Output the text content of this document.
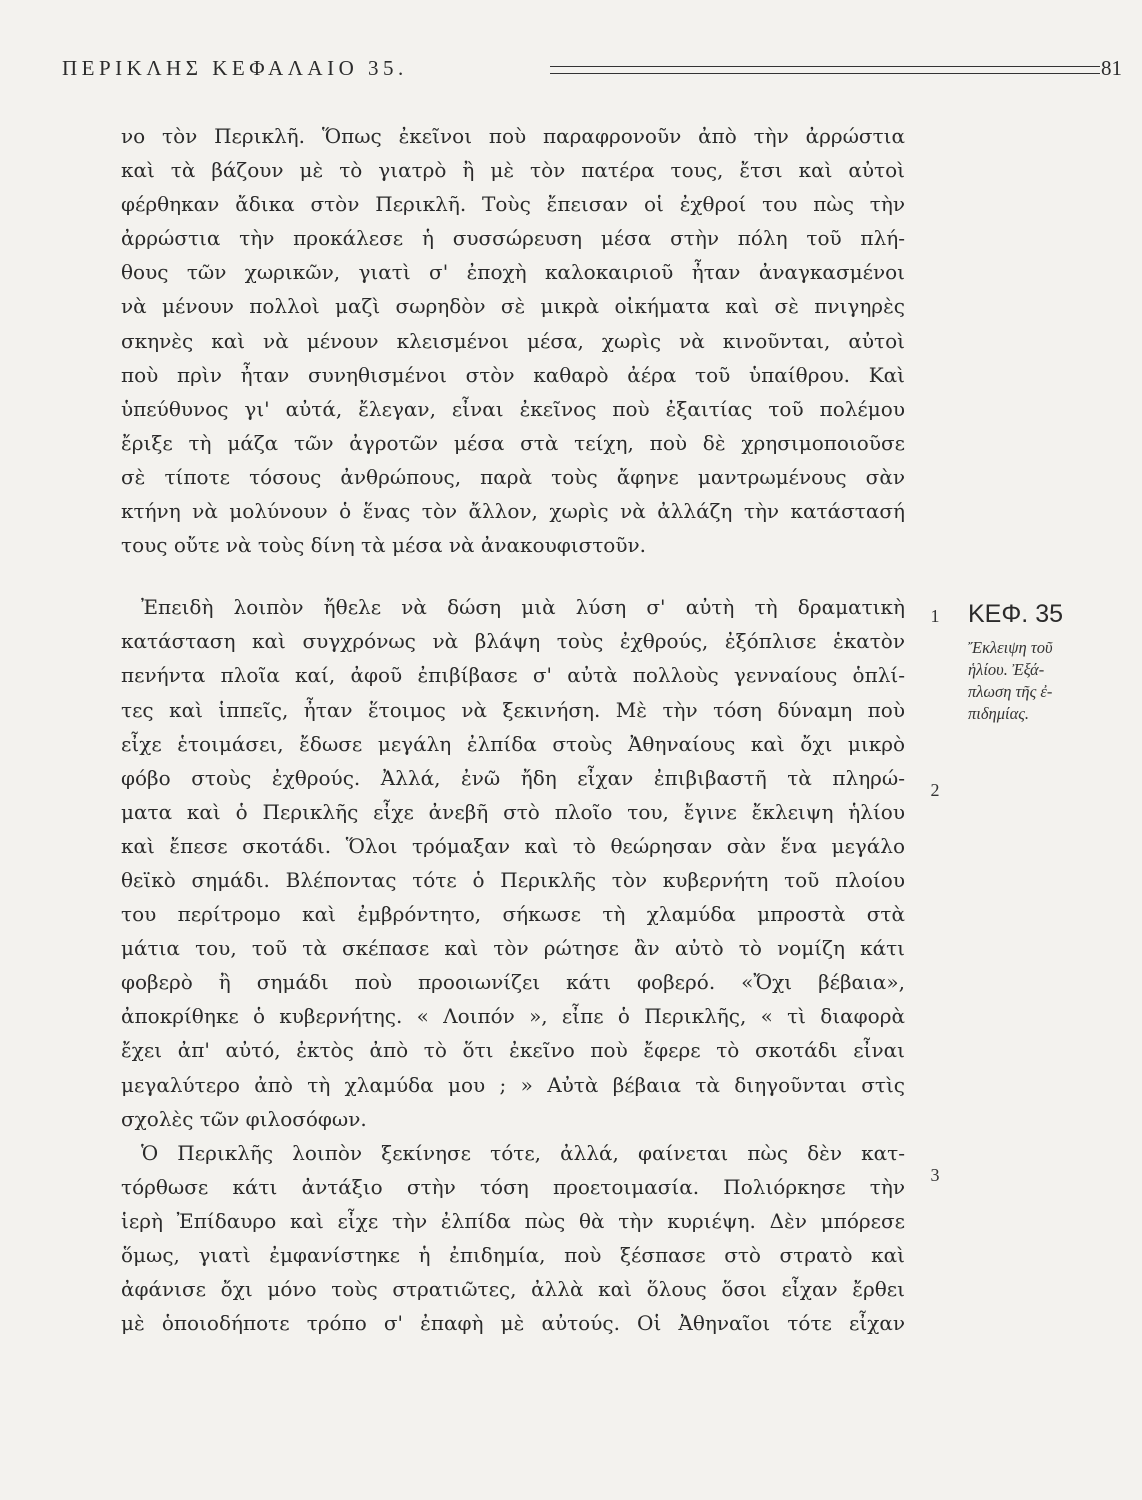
ΠΕΡΙΚΛΗΣ ΚΕΦΑΛΑΙΟ 35.	81
νο τὸν Περικλῆ. Ὅπως ἐκεῖνοι ποὺ παραφρονοῦν ἀπὸ τὴν ἀρρώστια
καὶ τὰ βάζουν μὲ τὸ γιατρὸ ἢ μὲ τὸν πατέρα τους, ἔτσι καὶ αὐτοὶ
φέρθηκαν ἄδικα στὸν Περικλῆ. Τοὺς ἔπεισαν οἱ ἐχθροί του πὼς τὴν
ἀρρώστια τὴν προκάλεσε ἡ συσσώρευση μέσα στὴν πόλη τοῦ πλή-
θους τῶν χωρικῶν, γιατὶ σ' ἐποχὴ καλοκαιριοῦ ἦταν ἀναγκασμένοι
νὰ μένουν πολλοὶ μαζὶ σωρηδὸν σὲ μικρὰ οἰκήματα καὶ σὲ πνιγηρὲς
σκηνὲς καὶ νὰ μένουν κλεισμένοι μέσα, χωρὶς νὰ κινοῦνται, αὐτοὶ
ποὺ πρὶν ἦταν συνηθισμένοι στὸν καθαρὸ ἀέρα τοῦ ὑπαίθρου. Καὶ
ὑπεύθυνος γι' αὐτά, ἔλεγαν, εἶναι ἐκεῖνος ποὺ ἐξαιτίας τοῦ πολέμου
ἔριξε τὴ μάζα τῶν ἀγροτῶν μέσα στὰ τείχη, ποὺ δὲ χρησιμοποιοῦσε
σὲ τίποτε τόσους ἀνθρώπους, παρὰ τοὺς ἄφηνε μαντρωμένους σὰν
κτήνη νὰ μολύνουν ὁ ἕνας τὸν ἄλλον, χωρὶς νὰ ἀλλάζη τὴν κατάστασή
τους οὔτε νὰ τοὺς δίνη τὰ μέσα νὰ ἀνακουφιστοῦν.
Ἐπειδὴ λοιπὸν ἤθελε νὰ δώση μιὰ λύση σ' αὐτὴ τὴ δραματικὴ
κατάσταση καὶ συγχρόνως νὰ βλάψη τοὺς ἐχθρούς, ἐξόπλισε ἑκατὸν
πενήντα πλοῖα καί, ἀφοῦ ἐπιβίβασε σ' αὐτὰ πολλοὺς γενναίους ὁπλί-
τες καὶ ἱππεῖς, ἦταν ἕτοιμος νὰ ξεκινήση. Μὲ τὴν τόση δύναμη ποὺ
εἶχε ἑτοιμάσει, ἔδωσε μεγάλη ἐλπίδα στοὺς Ἀθηναίους καὶ ὄχι μικρὸ
φόβο στοὺς ἐχθρούς. Ἀλλά, ἐνῶ ἤδη εἶχαν ἐπιβιβαστῆ τὰ πληρώ-
ματα καὶ ὁ Περικλῆς εἶχε ἀνεβῆ στὸ πλοῖο του, ἔγινε ἔκλειψη ἡλίου
καὶ ἔπεσε σκοτάδι. Ὅλοι τρόμαξαν καὶ τὸ θεώρησαν σὰν ἕνα μεγάλο
θεϊκὸ σημάδι. Βλέποντας τότε ὁ Περικλῆς τὸν κυβερνήτη τοῦ πλοίου
του περίτρομο καὶ ἐμβρόντητο, σήκωσε τὴ χλαμύδα μπροστὰ στὰ
μάτια του, τοῦ τὰ σκέπασε καὶ τὸν ρώτησε ἂν αὐτὸ τὸ νομίζη κάτι
φοβερὸ ἢ σημάδι ποὺ προοιωνίζει κάτι φοβερό. «Ὄχι βέβαια»,
ἀποκρίθηκε ὁ κυβερνήτης. « Λοιπόν », εἶπε ὁ Περικλῆς, « τὶ διαφορὰ
ἔχει ἀπ' αὐτό, ἐκτὸς ἀπὸ τὸ ὅτι ἐκεῖνο ποὺ ἔφερε τὸ σκοτάδι εἶναι
μεγαλύτερο ἀπὸ τὴ χλαμύδα μου ; » Αὐτὰ βέβαια τὰ διηγοῦνται στὶς
σχολὲς τῶν φιλοσόφων.
Ὁ Περικλῆς λοιπὸν ξεκίνησε τότε, ἀλλά, φαίνεται πὼς δὲν κατ-
τόρθωσε κάτι ἀντάξιο στὴν τόση προετοιμασία. Πολιόρκησε τὴν
ἱερὴ Ἐπίδαυρο καὶ εἶχε τὴν ἐλπίδα πὼς θὰ τὴν κυριέψη. Δὲν μπόρεσε
ὅμως, γιατὶ ἐμφανίστηκε ἡ ἐπιδημία, ποὺ ξέσπασε στὸ στρατὸ καὶ
ἀφάνισε ὄχι μόνο τοὺς στρατιῶτες, ἀλλὰ καὶ ὅλους ὅσοι εἶχαν ἔρθει
μὲ ὁποιοδήποτε τρόπο σ' ἐπαφὴ μὲ αὐτούς. Οἱ Ἀθηναῖοι τότε εἶχαν
1
2
3
ΚΕΦ. 35
Ἔκλειψη τοῦ
ἡλίου. Ἐξά-
πλωση τῆς ἐ-
πιδημίας.
